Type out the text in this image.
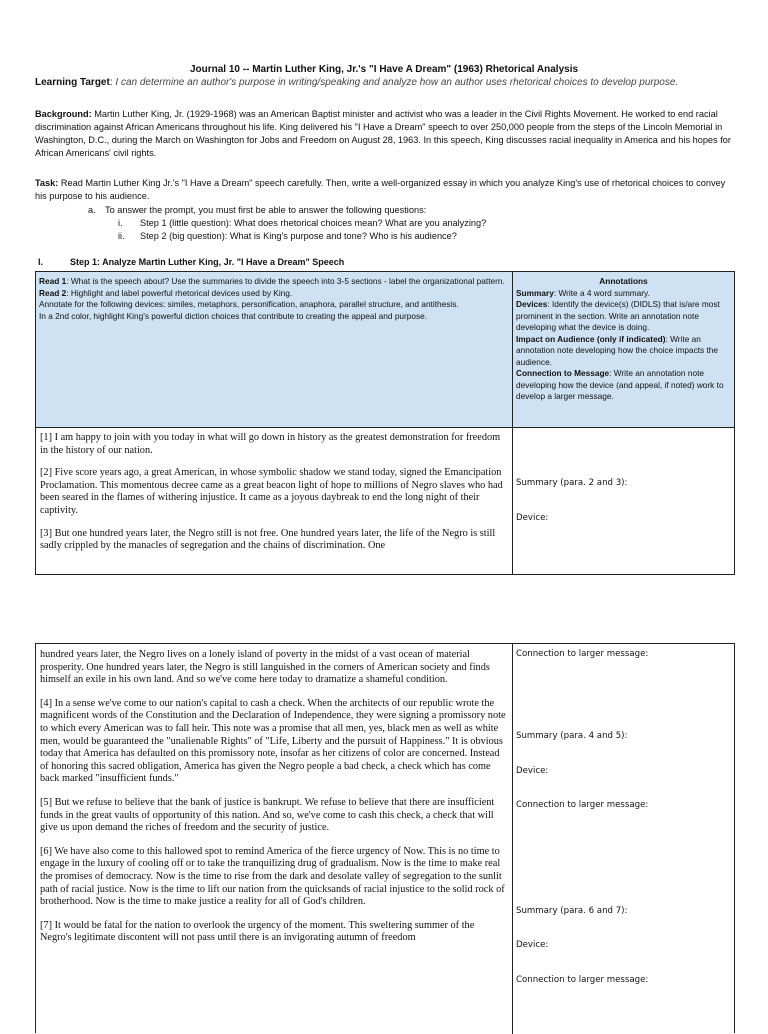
Journal 10 -- Martin Luther King, Jr.'s "I Have A Dream" (1963) Rhetorical Analysis
Learning Target: I can determine an author's purpose in writing/speaking and analyze how an author uses rhetorical choices to develop purpose.
Background: Martin Luther King, Jr. (1929-1968) was an American Baptist minister and activist who was a leader in the Civil Rights Movement. He worked to end racial discrimination against African Americans throughout his life. King delivered his "I Have a Dream" speech to over 250,000 people from the steps of the Lincoln Memorial in Washington, D.C., during the March on Washington for Jobs and Freedom on August 28, 1963. In this speech, King discusses racial inequality in America and his hopes for African Americans' civil rights.
Task: Read Martin Luther King Jr.'s "I Have a Dream" speech carefully. Then, write a well-organized essay in which you analyze King's use of rhetorical choices to convey his purpose to his audience.
a. To answer the prompt, you must first be able to answer the following questions:
i. Step 1 (little question): What does rhetorical choices mean? What are you analyzing?
ii. Step 2 (big question): What is King's purpose and tone? Who is his audience?
I.	Step 1: Analyze Martin Luther King, Jr. "I Have a Dream" Speech
Read 1: What is the speech about? Use the summaries to divide the speech into 3-5 sections - label the organizational pattern.
Read 2: Highlight and label powerful rhetorical devices used by King.
Annotate for the following devices: similes, metaphors, personification, anaphora, parallel structure, and antithesis.
In a 2nd color, highlight King's powerful diction choices that contribute to creating the appeal and purpose.
Annotations
Summary: Write a 4 word summary.
Devices: Identify the device(s) (DIDLS) that is/are most prominent in the section. Write an annotation note developing what the device is doing.
Impact on Audience (only if indicated): Write an annotation note developing how the choice impacts the audience.
Connection to Message: Write an annotation note developing how the device (and appeal, if noted) work to develop a larger message.

[1] I am happy to join with you today in what will go down in history as the greatest demonstration for freedom in the history of our nation.

[2] Five score years ago, a great American, in whose symbolic shadow we stand today, signed the Emancipation Proclamation. This momentous decree came as a great beacon light of hope to millions of Negro slaves who had been seared in the flames of withering injustice. It came as a joyous daybreak to end the long night of their captivity.

[3] But one hundred years later, the Negro still is not free. One hundred years later, the life of the Negro is still sadly crippled by the manacles of segregation and the chains of discrimination. One

Summary (para. 2 and 3):
Device:

hundred years later, the Negro lives on a lonely island of poverty in the midst of a vast ocean of material prosperity. One hundred years later, the Negro is still languished in the corners of American society and finds himself an exile in his own land. And so we've come here today to dramatize a shameful condition.

[4] In a sense we've come to our nation's capital to cash a check. When the architects of our republic wrote the magnificent words of the Constitution and the Declaration of Independence, they were signing a promissory note to which every American was to fall heir. This note was a promise that all men, yes, black men as well as white men, would be guaranteed the "unalienable Rights" of "Life, Liberty and the pursuit of Happiness." It is obvious today that America has defaulted on this promissory note, insofar as her citizens of color are concerned. Instead of honoring this sacred obligation, America has given the Negro people a bad check, a check which has come back marked "insufficient funds."

[5] But we refuse to believe that the bank of justice is bankrupt. We refuse to believe that there are insufficient funds in the great vaults of opportunity of this nation. And so, we've come to cash this check, a check that will give us upon demand the riches of freedom and the security of justice.

[6] We have also come to this hallowed spot to remind America of the fierce urgency of Now. This is no time to engage in the luxury of cooling off or to take the tranquilizing drug of gradualism. Now is the time to make real the promises of democracy. Now is the time to rise from the dark and desolate valley of segregation to the sunlit path of racial justice. Now is the time to lift our nation from the quicksands of racial injustice to the solid rock of brotherhood. Now is the time to make justice a reality for all of God's children.

[7] It would be fatal for the nation to overlook the urgency of the moment. This sweltering summer of the Negro's legitimate discontent will not pass until there is an invigorating autumn of freedom

Connection to larger message:
Summary (para. 4 and 5):
Device:
Connection to larger message:
Summary (para. 6 and 7):
Device:
Connection to larger message:
